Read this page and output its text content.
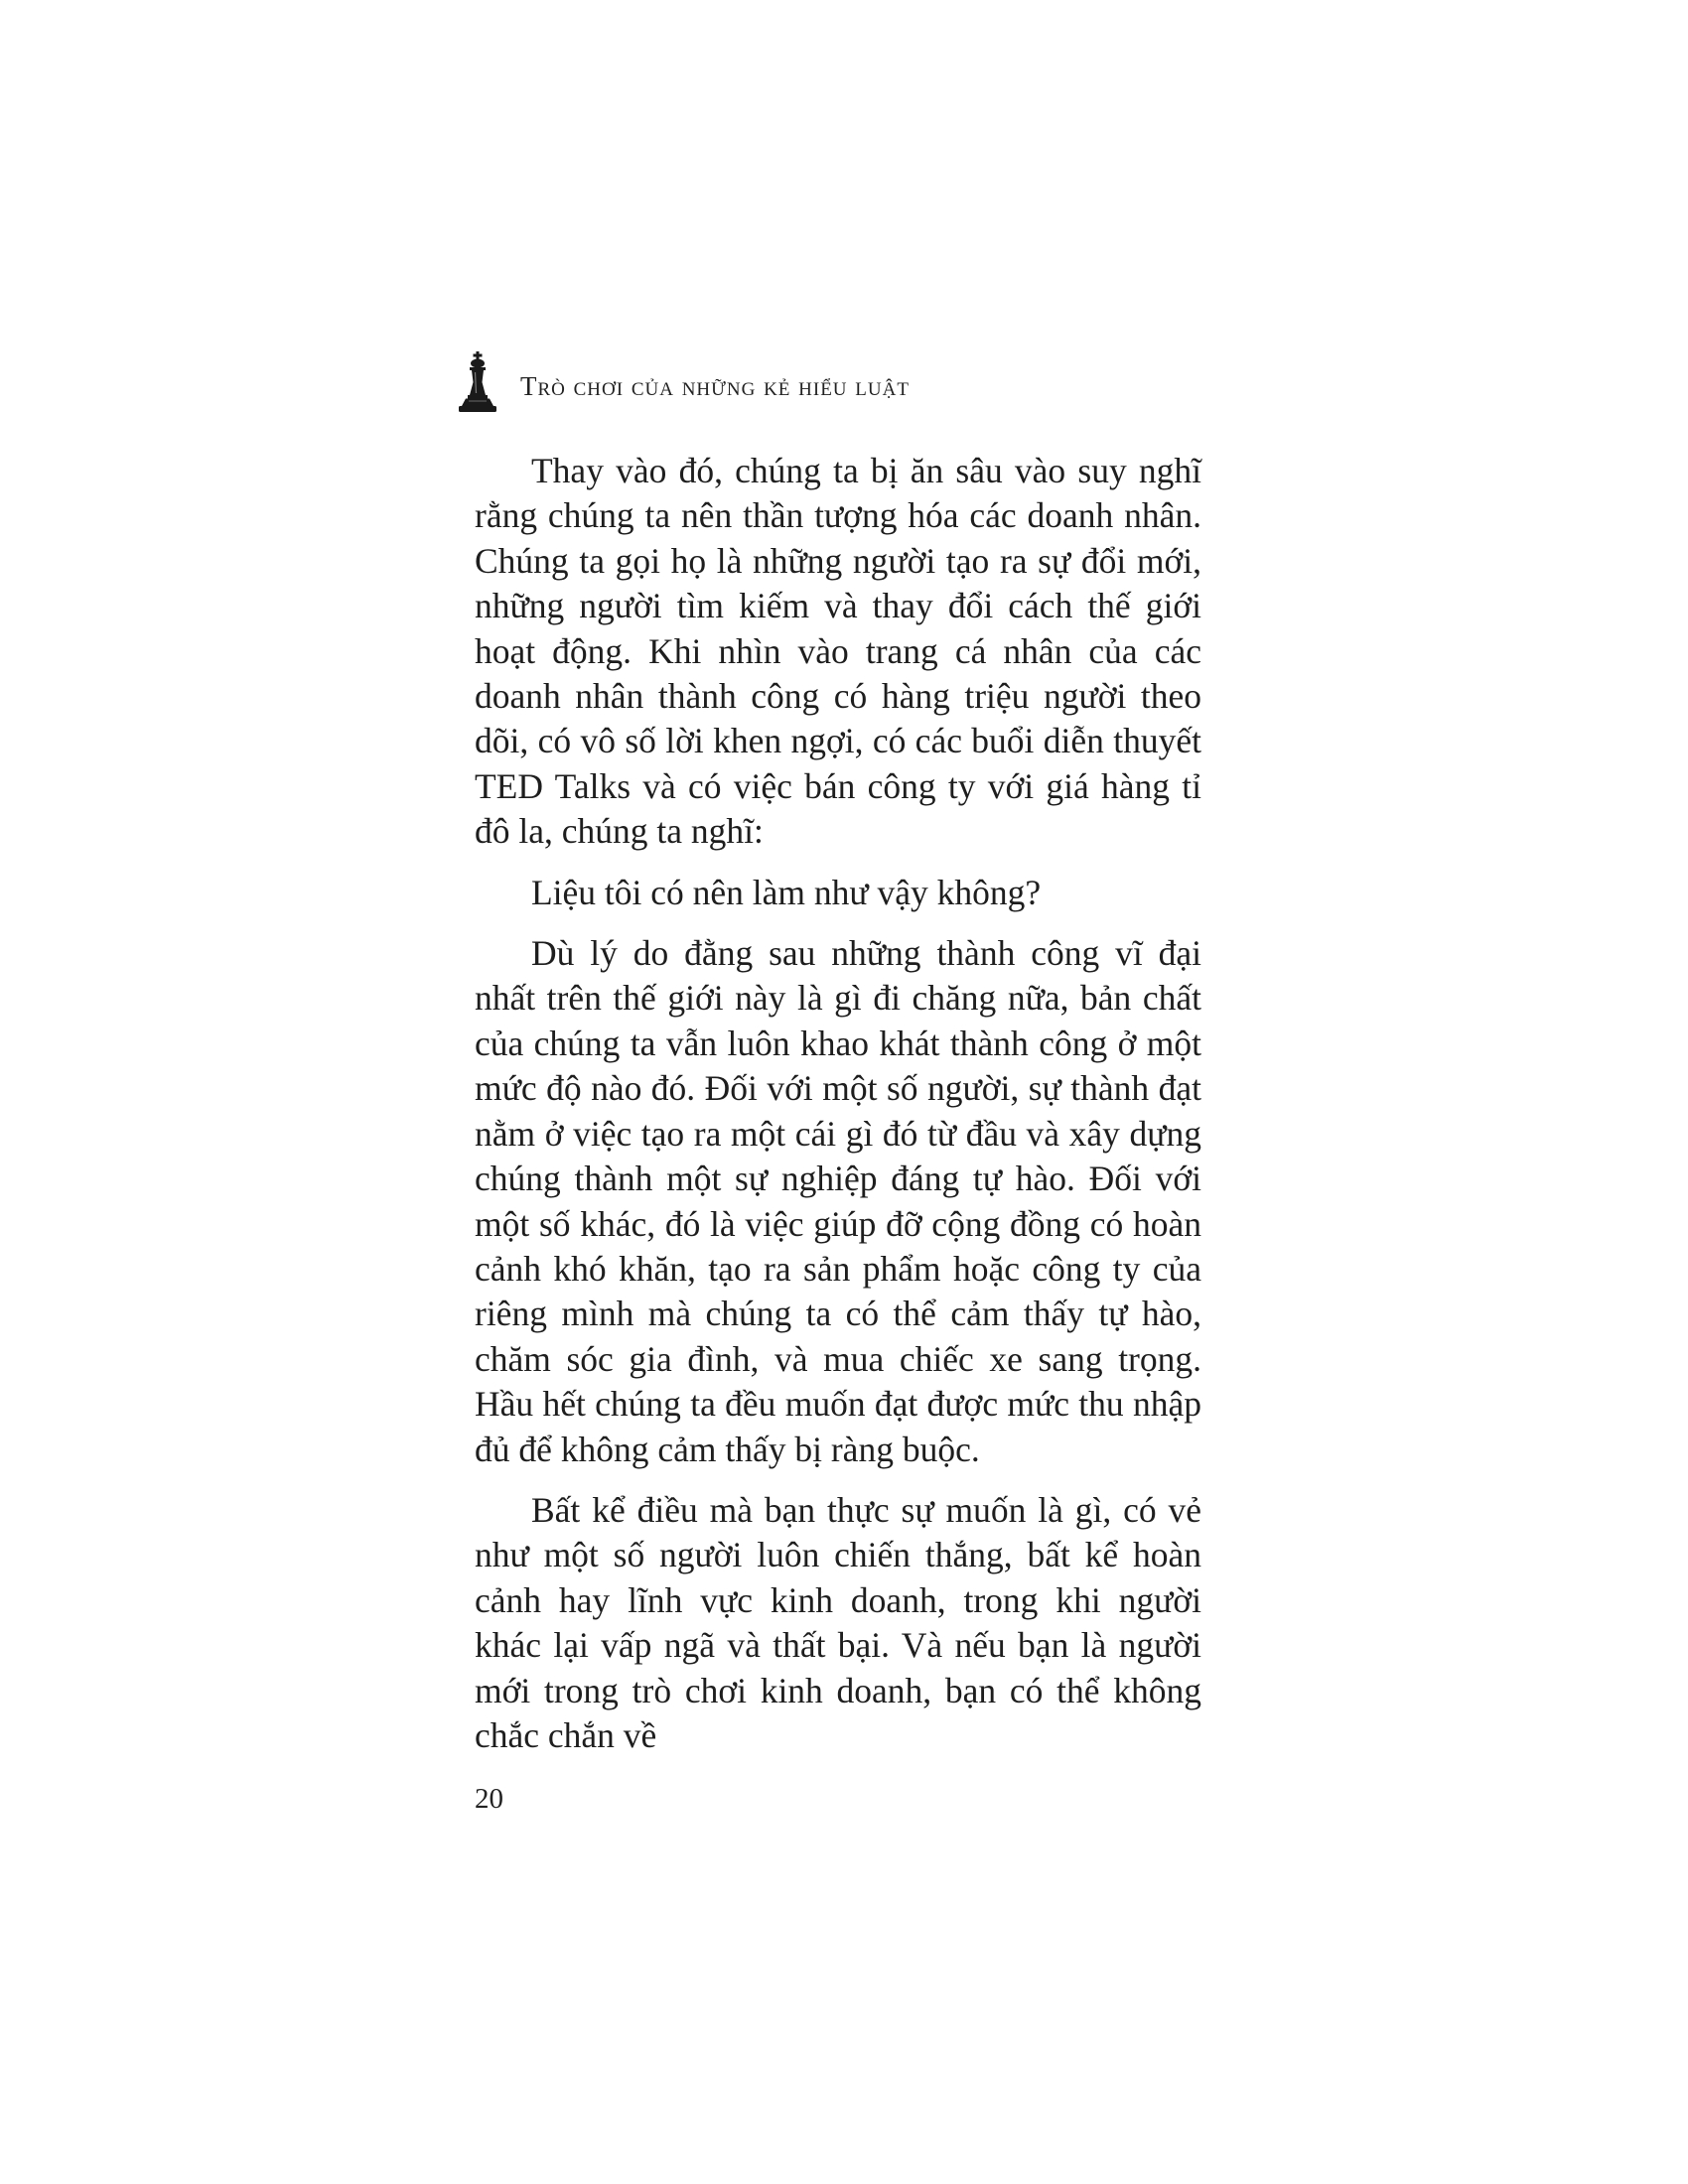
Trò chơi của những kẻ hiểu luật

Thay vào đó, chúng ta bị ăn sâu vào suy nghĩ rằng chúng ta nên thần tượng hóa các doanh nhân. Chúng ta gọi họ là những người tạo ra sự đổi mới, những người tìm kiếm và thay đổi cách thế giới hoạt động. Khi nhìn vào trang cá nhân của các doanh nhân thành công có hàng triệu người theo dõi, có vô số lời khen ngợi, có các buổi diễn thuyết TED Talks và có việc bán công ty với giá hàng tỉ đô la, chúng ta nghĩ:

Liệu tôi có nên làm như vậy không?

Dù lý do đằng sau những thành công vĩ đại nhất trên thế giới này là gì đi chăng nữa, bản chất của chúng ta vẫn luôn khao khát thành công ở một mức độ nào đó. Đối với một số người, sự thành đạt nằm ở việc tạo ra một cái gì đó từ đầu và xây dựng chúng thành một sự nghiệp đáng tự hào. Đối với một số khác, đó là việc giúp đỡ cộng đồng có hoàn cảnh khó khăn, tạo ra sản phẩm hoặc công ty của riêng mình mà chúng ta có thể cảm thấy tự hào, chăm sóc gia đình, và mua chiếc xe sang trọng. Hầu hết chúng ta đều muốn đạt được mức thu nhập đủ để không cảm thấy bị ràng buộc.

Bất kể điều mà bạn thực sự muốn là gì, có vẻ như một số người luôn chiến thắng, bất kể hoàn cảnh hay lĩnh vực kinh doanh, trong khi người khác lại vấp ngã và thất bại. Và nếu bạn là người mới trong trò chơi kinh doanh, bạn có thể không chắc chắn về

20
